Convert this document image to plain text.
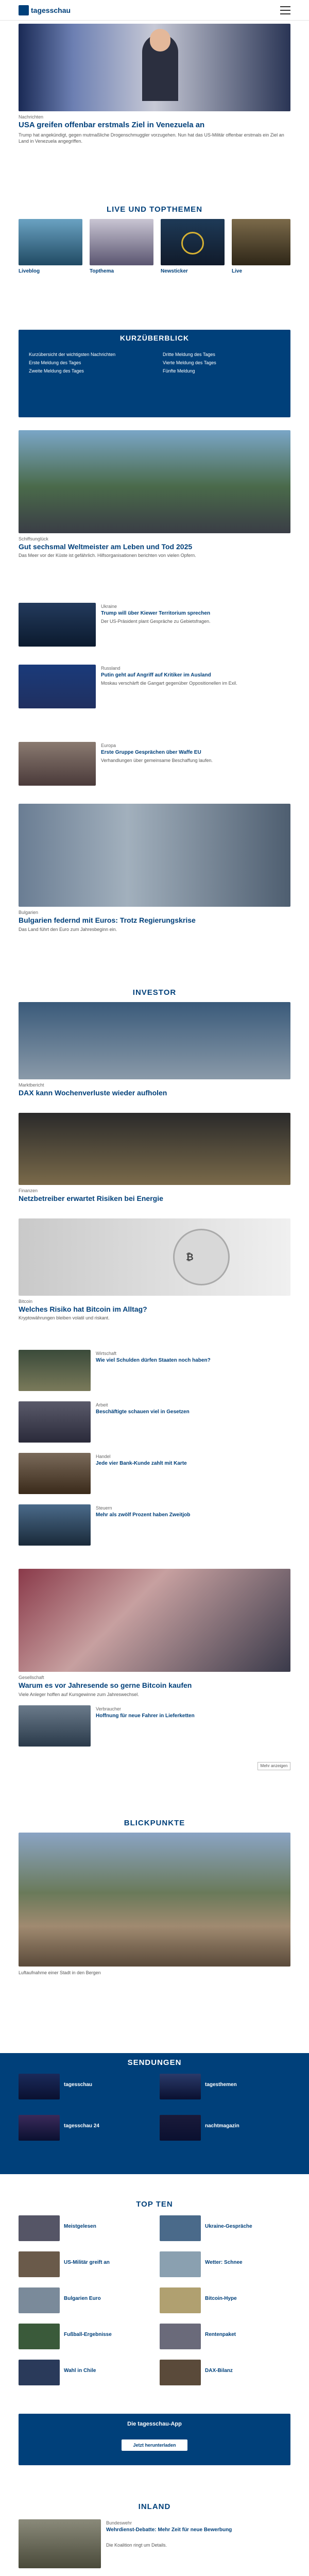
tagesschau
Nachrichten
USA greifen offenbar erstmals Ziel in Venezuela an
Trump hat angekündigt, gegen mutmaßliche Drogenschmuggler vorzugehen. Nun hat das US-Militär offenbar erstmals ein Ziel an Land in Venezuela angegriffen.
LIVE UND TOPTHEMEN
Liveblog	Topthema	Newsticker	Live
KURZÜBERBLICK
Kurzübersicht der wichtigsten Nachrichten
Erste Meldung des Tages
Zweite Meldung des Tages
Dritte Meldung des Tages
Vierte Meldung des Tages
Fünfte Meldung
Schiffsunglück
Gut sechsmal Weltmeister am Leben und Tod 2025
Das Meer vor der Küste ist gefährlich. Hilfsorganisationen berichten von vielen Opfern.
Ukraine
Trump will über Kiewer Territorium sprechen
Der US-Präsident plant Gespräche zu Gebietsfragen.
Russland
Putin geht auf Angriff auf Kritiker im Ausland
Moskau verschärft die Gangart gegenüber Oppositionellen im Exil.
Europa
Erste Gruppe Gesprächen über Waffe EU
Verhandlungen über gemeinsame Beschaffung laufen.
Bulgarien
Bulgarien federnd mit Euros: Trotz Regierungskrise
Das Land führt den Euro zum Jahresbeginn ein.
INVESTOR
Marktbericht
DAX kann Wochenverluste wieder aufholen
Finanzen
Netzbetreiber erwartet Risiken bei Energie
₿
Bitcoin
Welches Risiko hat Bitcoin im Alltag?
Kryptowährungen bleiben volatil und riskant.
Wirtschaft
Wie viel Schulden dürfen Staaten noch haben?
Arbeit
Beschäftigte schauen viel in Gesetzen
Handel
Jede vier Bank-Kunde zahlt mit Karte
Steuern
Mehr als zwölf Prozent haben Zweitjob
Gesellschaft
Warum es vor Jahresende so gerne Bitcoin kaufen
Viele Anleger hoffen auf Kursgewinne zum Jahreswechsel.
Verbraucher
Hoffnung für neue Fahrer in Lieferketten
Mehr anzeigen
BLICKPUNKTE
Luftaufnahme einer Stadt in den Bergen
SENDUNGEN
tagesschau	tagesthemen
tagesschau 24	nachtmagazin
TOP TEN
Meistgelesen	Ukraine-Gespräche
US-Militär greift an	Wetter: Schnee
Bulgarien Euro	Bitcoin-Hype
Fußball-Ergebnisse	Rentenpaket
Wahl in Chile	DAX-Bilanz
Die tagesschau-App
Jetzt herunterladen
INLAND
Bundeswehr
Wehrdienst-Debatte: Mehr Zeit für neue Bewerbung
Die Koalition ringt um Details.
